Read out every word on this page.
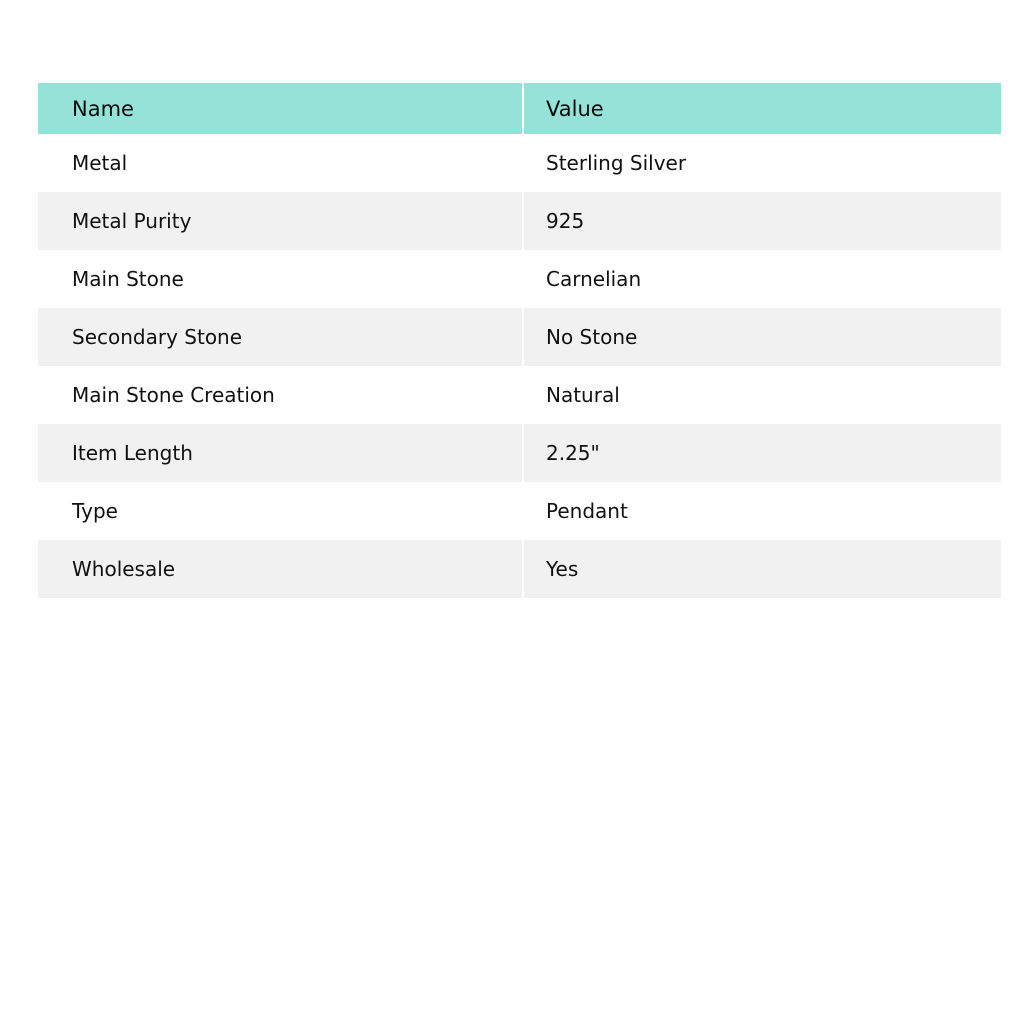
Name	Value
Metal	Sterling Silver
Metal Purity	925
Main Stone	Carnelian
Secondary Stone	No Stone
Main Stone Creation	Natural
Item Length	2.25"
Type	Pendant
Wholesale	Yes
